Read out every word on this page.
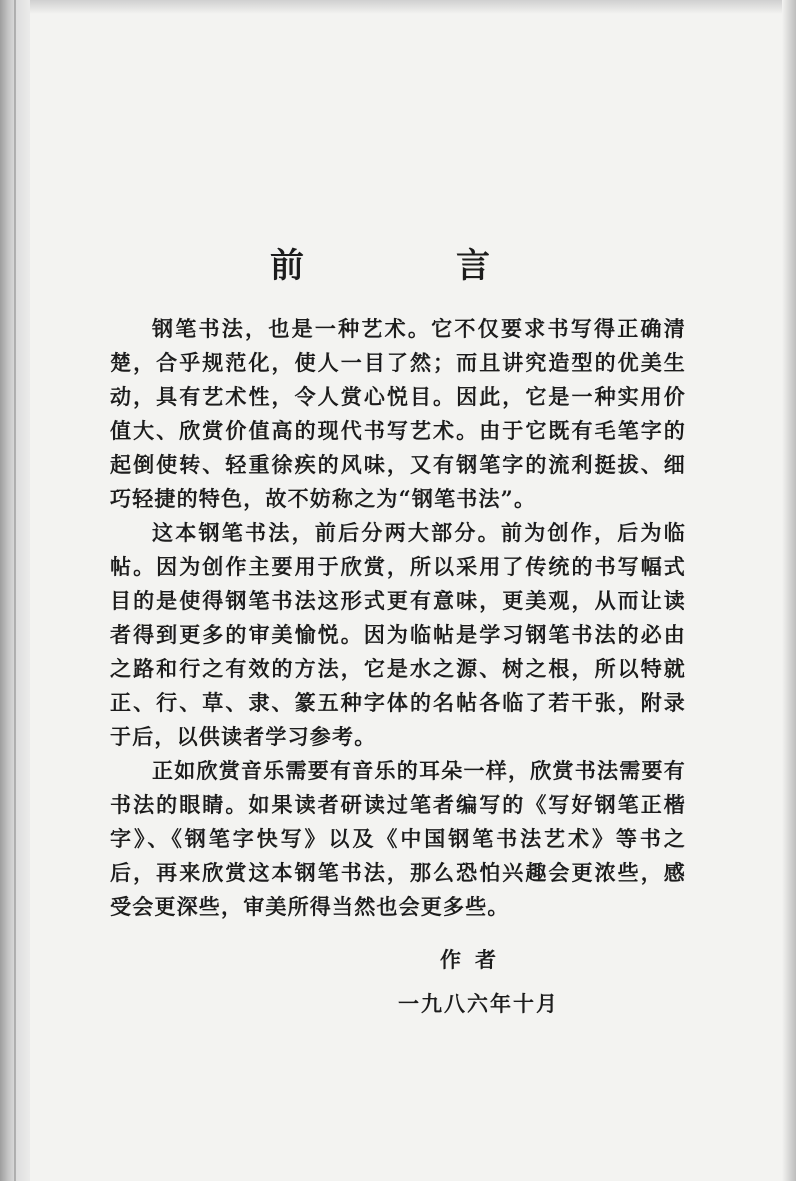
前	言

钢笔书法，也是一种艺术。它不仅要求书写得正确清楚，合乎规范化，使人一目了然；而且讲究造型的优美生动，具有艺术性，令人赏心悦目。因此，它是一种实用价值大、欣赏价值高的现代书写艺术。由于它既有毛笔字的起倒使转、轻重徐疾的风味，又有钢笔字的流利挺拔、细巧轻捷的特色，故不妨称之为“钢笔书法”。

这本钢笔书法，前后分两大部分。前为创作，后为临帖。因为创作主要用于欣赏，所以采用了传统的书写幅式目的是使得钢笔书法这形式更有意味，更美观，从而让读者得到更多的审美愉悦。因为临帖是学习钢笔书法的必由之路和行之有效的方法，它是水之源、树之根，所以特就正、行、草、隶、篆五种字体的名帖各临了若干张，附录于后，以供读者学习参考。

正如欣赏音乐需要有音乐的耳朵一样，欣赏书法需要有书法的眼睛。如果读者研读过笔者编写的《写好钢笔正楷字》、《钢笔字快写》以及《中国钢笔书法艺术》等书之后，再来欣赏这本钢笔书法，那么恐怕兴趣会更浓些，感受会更深些，审美所得当然也会更多些。

作者
一九八六年十月
